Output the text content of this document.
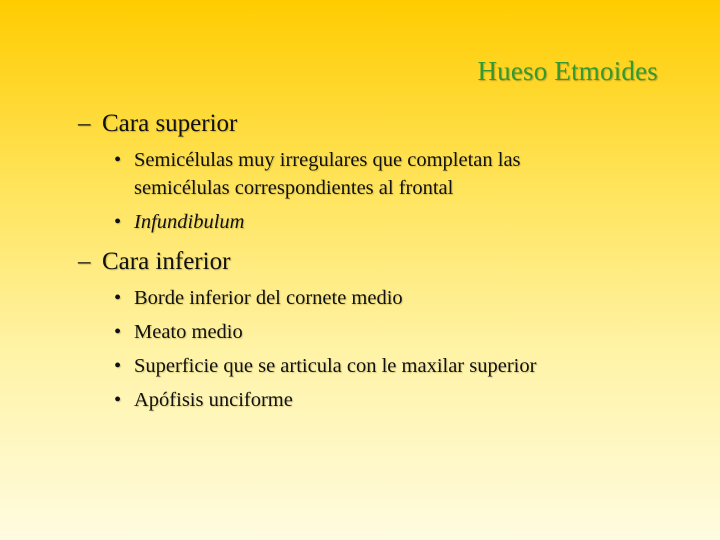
Hueso Etmoides
– Cara superior
• Semicélulas muy irregulares que completan las semicélulas correspondientes al frontal
• Infundibulum
– Cara inferior
• Borde inferior del cornete medio
• Meato medio
• Superficie que se articula con le maxilar superior
• Apófisis unciforme
